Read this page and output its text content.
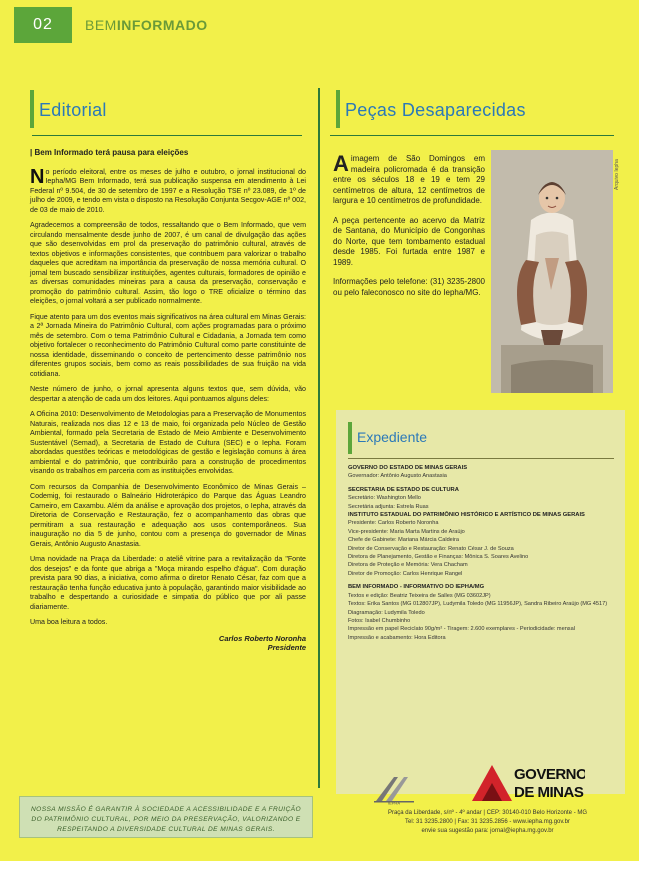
02	BEMINFORMADO
Editorial	Peças Desaparecidas

| Bem Informado terá pausa para eleições

No período eleitoral, entre os meses de julho e outubro, o jornal institucional do Iepha/MG Bem Informado, terá sua publicação suspensa em atendimento à Lei Federal nº 9.504, de 30 de setembro de 1997 e a Resolução TSE nº 23.089, de 1º de julho de 2009, e tendo em vista o disposto na Resolução Conjunta Secgov-AGE nº 002, de 03 de maio de 2010.

Agradecemos a compreensão de todos, ressaltando que o Bem Informado, que vem circulando mensalmente desde junho de 2007, é um canal de divulgação das ações que são desenvolvidas em prol da preservação do patrimônio cultural, através de textos objetivos e informações consistentes, que contribuem para valorizar o trabalho daqueles que acreditam na importância da preservação de nossa memória cultural. O jornal tem buscado sensibilizar instituições, agentes culturais, formadores de opinião e as diversas comunidades mineiras para a causa da preservação, conservação e promoção do patrimônio cultural. Assim, tão logo o TRE oficialize o término das eleições, o jornal voltará a ser publicado normalmente.

Fique atento para um dos eventos mais significativos na área cultural em Minas Gerais: a 2ª Jornada Mineira do Patrimônio Cultural, com ações programadas para o próximo mês de setembro. Com o tema Patrimônio Cultural e Cidadania, a Jornada tem como objetivo fortalecer o reconhecimento do Patrimônio Cultural como parte constituinte de nossa identidade, disseminando o conceito de pertencimento desse patrimônio nos diferentes grupos sociais, bem como as reais possibilidades de sua fruição na vida cotidiana.

Neste número de junho, o jornal apresenta alguns textos que, sem dúvida, vão despertar a atenção de cada um dos leitores. Aqui pontuamos alguns deles:

A Oficina 2010: Desenvolvimento de Metodologias para a Preservação de Monumentos Naturais, realizada nos dias 12 e 13 de maio, foi organizada pelo Núcleo de Gestão Ambiental, formado pela Secretaria de Estado de Meio Ambiente e Desenvolvimento Sustentável (Semad), a Secretaria de Estado de Cultura (SEC) e o Iepha. Foram abordadas questões teóricas e metodológicas de gestão e legislação comuns à área ambiental e do patrimônio, que contribuirão para a construção de procedimentos visando os trabalhos em parceria com as instituições envolvidas.

Com recursos da Companhia de Desenvolvimento Econômico de Minas Gerais – Codemig, foi restaurado o Balneário Hidroterápico do Parque das Águas Leandro Carneiro, em Caxambu. Além da análise e aprovação dos projetos, o Iepha, através da Diretoria de Conservação e Restauração, fez o acompanhamento das obras que permitiram a sua restauração e adequação aos usos contemporâneos. Sua inauguração no dia 5 de junho, contou com a presença do governador de Minas Gerais, Antônio Augusto Anastasia.

Uma novidade na Praça da Liberdade: o ateliê vitrine para a revitalização da "Fonte dos desejos" e da fonte que abriga a "Moça mirando espelho d'água". Com duração prevista para 90 dias, a iniciativa, como afirma o diretor Renato César, faz com que a restauração tenha função educativa junto à população, garantindo maior visibilidade ao trabalho e despertando a curiosidade e simpatia do público que por ali passe diariamente.

Uma boa leitura a todos.

Carlos Roberto Noronha

Presidente

NOSSA MISSÃO É GARANTIR À SOCIEDADE A ACESSIBILIDADE E A FRUIÇÃO
DO PATRIMÔNIO CULTURAL, POR MEIO DA PRESERVAÇÃO, VALORIZANDO E
RESPEITANDO A DIVERSIDADE CULTURAL DE MINAS GERAIS.

A imagem de São Domingos em madeira policromada é da transição entre os séculos 18 e 19 e tem 29 centímetros de altura, 12 centímetros de largura e 10 centímetros de profundidade.

A peça pertencente ao acervo da Matriz de Santana, do Município de Congonhas do Norte, que tem tombamento estadual desde 1985. Foi furtada entre 1987 e 1989.

Informações pelo telefone: (31) 3235-2800 ou pelo faleconosco no site do Iepha/MG.

Arquivo Iepha
Expediente
GOVERNO DO ESTADO DE MINAS GERAIS
Governador: Antônio Augusto Anastasia
SECRETARIA DE ESTADO DE CULTURA
Secretário: Washington Mello
Secretária adjunta: Estrela Ruas
INSTITUTO ESTADUAL DO PATRIMÔNIO HISTÓRICO E ARTÍSTICO DE MINAS GERAIS
Presidente: Carlos Roberto Noronha
Vice-presidente: Maria Marta Martins de Araújo
Chefe de Gabinete: Mariana Márcia Caldeira
Diretor de Conservação e Restauração: Renato César J. de Souza
Diretora de Planejamento, Gestão e Finanças: Mônica S. Soares Avelino
Diretora de Proteção e Memória: Vera Chacham
Diretor de Promoção: Carlos Henrique Rangel
BEM INFORMADO - INFORMATIVO DO IEPHA/MG
Textos e edição: Beatriz Teixeira de Salles (MG 03602JP)
Textos: Erika Santos (MG 012807JP), Ludymila Toledo (MG 11956JP), Sandra Ribeiro Araújo (MG 4517)
Diagramação: Ludymila Toledo
Fotos: Isabel Chumbinho
Impressão em papel Reciclato 90g/m² - Tiragem: 2.600 exemplares - Periodicidade: mensal
Impressão e acabamento: Hora Editora
IEPHA
GOVERNO
DE MINAS
Praça da Liberdade, s/nº - 4º andar | CEP: 30140-010 Belo Horizonte - MG
Tel: 31 3235.2800 | Fax: 31 3235.2856 - www.iepha.mg.gov.br
envie sua sugestão para: jornal@iepha.mg.gov.br
